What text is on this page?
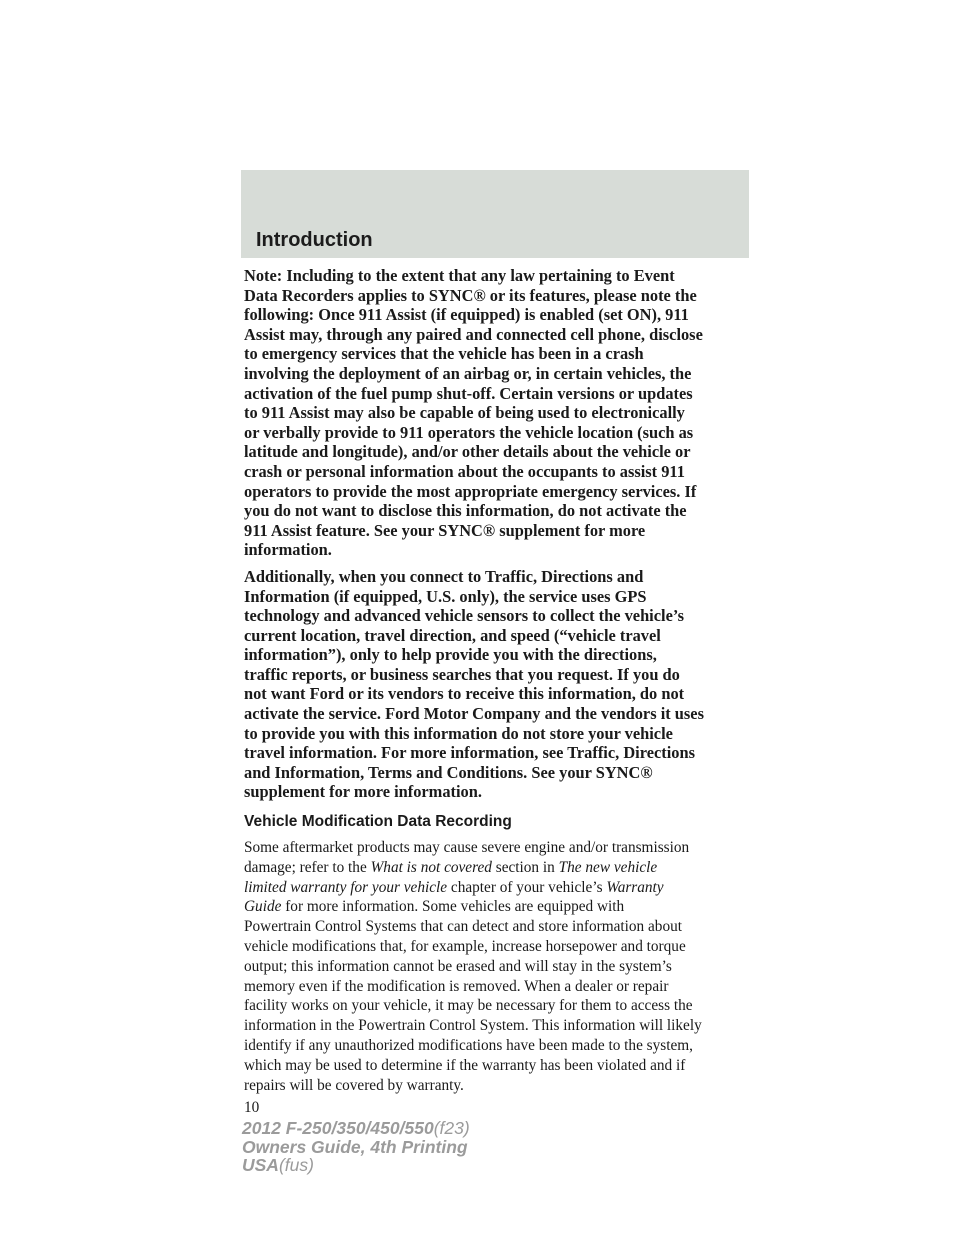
Introduction

Note: Including to the extent that any law pertaining to Event
Data Recorders applies to SYNC® or its features, please note the
following: Once 911 Assist (if equipped) is enabled (set ON), 911
Assist may, through any paired and connected cell phone, disclose
to emergency services that the vehicle has been in a crash
involving the deployment of an airbag or, in certain vehicles, the
activation of the fuel pump shut-off. Certain versions or updates
to 911 Assist may also be capable of being used to electronically
or verbally provide to 911 operators the vehicle location (such as
latitude and longitude), and/or other details about the vehicle or
crash or personal information about the occupants to assist 911
operators to provide the most appropriate emergency services. If
you do not want to disclose this information, do not activate the
911 Assist feature. See your SYNC® supplement for more
information.

Additionally, when you connect to Traffic, Directions and
Information (if equipped, U.S. only), the service uses GPS
technology and advanced vehicle sensors to collect the vehicle’s
current location, travel direction, and speed (“vehicle travel
information”), only to help provide you with the directions,
traffic reports, or business searches that you request. If you do
not want Ford or its vendors to receive this information, do not
activate the service. Ford Motor Company and the vendors it uses
to provide you with this information do not store your vehicle
travel information. For more information, see Traffic, Directions
and Information, Terms and Conditions. See your SYNC®
supplement for more information.

Vehicle Modification Data Recording

Some aftermarket products may cause severe engine and/or transmission
damage; refer to the What is not covered section in The new vehicle
limited warranty for your vehicle chapter of your vehicle’s Warranty
Guide for more information. Some vehicles are equipped with
Powertrain Control Systems that can detect and store information about
vehicle modifications that, for example, increase horsepower and torque
output; this information cannot be erased and will stay in the system’s
memory even if the modification is removed. When a dealer or repair
facility works on your vehicle, it may be necessary for them to access the
information in the Powertrain Control System. This information will likely
identify if any unauthorized modifications have been made to the system,
which may be used to determine if the warranty has been violated and if
repairs will be covered by warranty.

10
2012 F-250/350/450/550(f23)
Owners Guide, 4th Printing
USA(fus)
